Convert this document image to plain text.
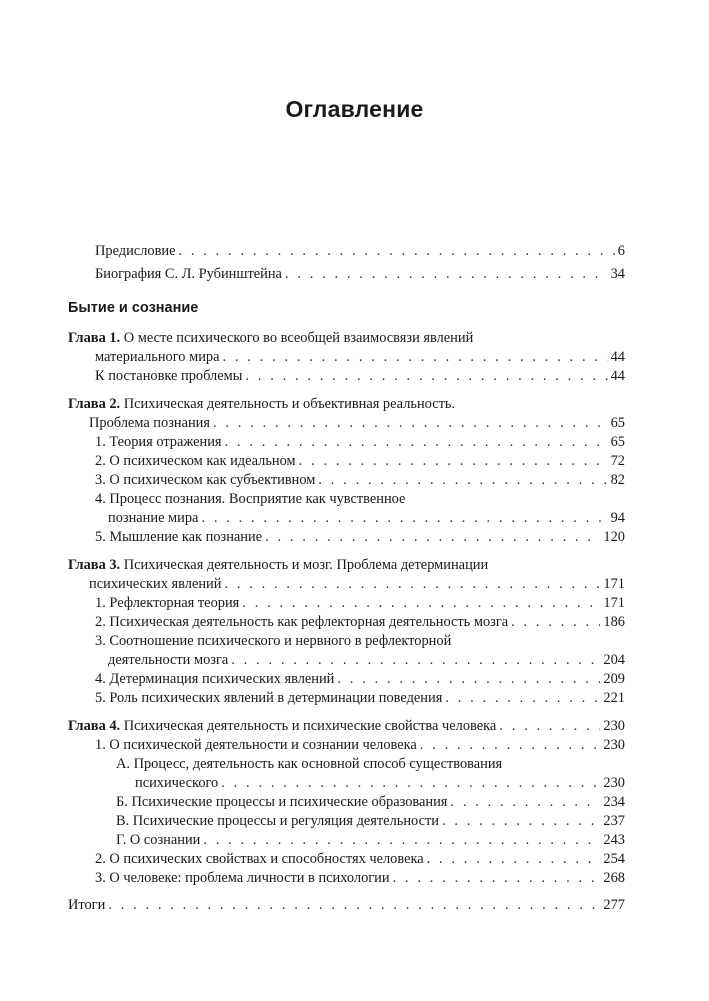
Оглавление
Предисловие . . .	6
Биография С. Л. Рубинштейна . . .	34
Бытие и сознание
Глава 1. О месте психического во всеобщей взаимосвязи явлений
материального мира . . .	44
К постановке проблемы . . .	44
Глава 2. Психическая деятельность и объективная реальность.
Проблема познания . . .	65
1. Теория отражения . . .	65
2. О психическом как идеальном . . .	72
3. О психическом как субъективном . . .	82
4. Процесс познания. Восприятие как чувственное
познание мира . . .	94
5. Мышление как познание . . .	120
Глава 3. Психическая деятельность и мозг. Проблема детерминации
психических явлений . . .	171
1. Рефлекторная теория . . .	171
2. Психическая деятельность как рефлекторная деятельность мозга . . .	186
3. Соотношение психического и нервного в рефлекторной
деятельности мозга . . .	204
4. Детерминация психических явлений . . .	209
5. Роль психических явлений в детерминации поведения . . .	221
Глава 4. Психическая деятельность и психические свойства человека . . .	230
1. О психической деятельности и сознании человека . . .	230
А. Процесс, деятельность как основной способ существования
психического . . .	230
Б. Психические процессы и психические образования . . .	234
В. Психические процессы и регуляция деятельности . . .	237
Г. О сознании . . .	243
2. О психических свойствах и способностях человека . . .	254
3. О человеке: проблема личности в психологии . . .	268
Итоги . . .	277
